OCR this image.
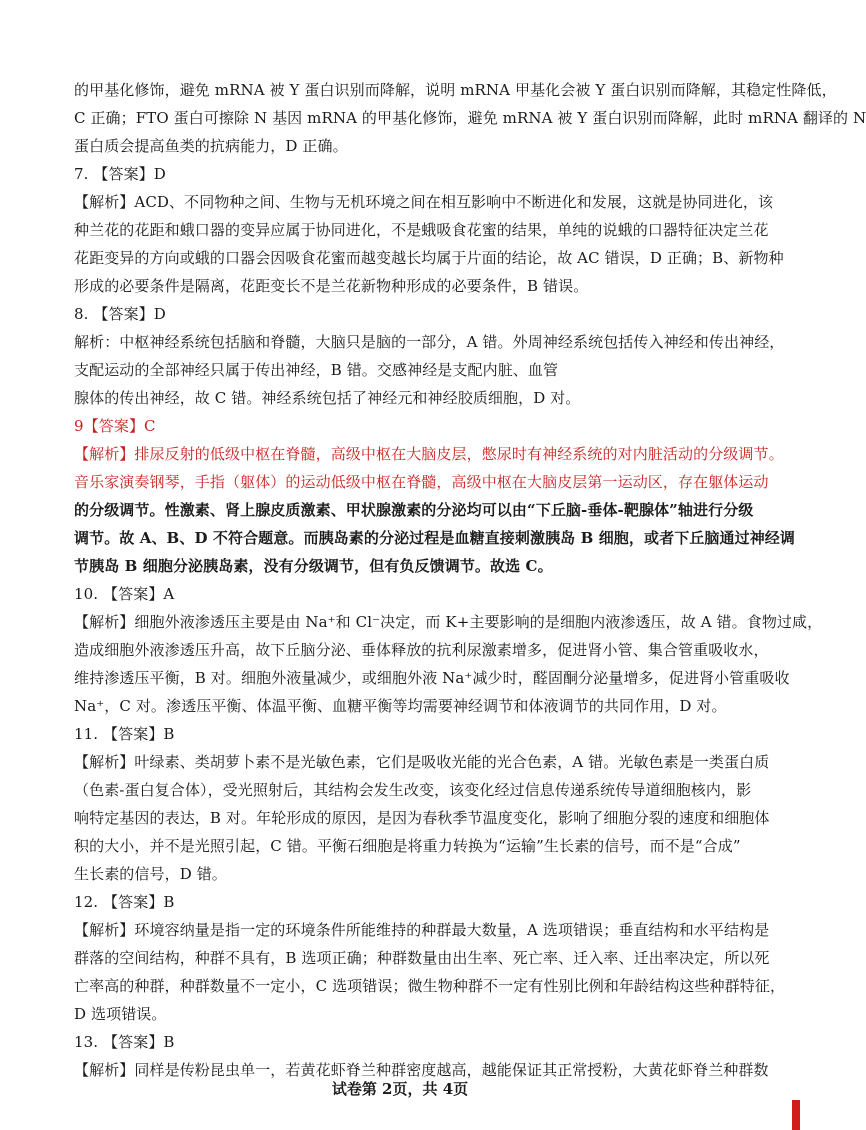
的甲基化修饰，避免 mRNA 被 Y 蛋白识别而降解，说明 mRNA 甲基化会被 Y 蛋白识别而降解，其稳定性降低，
C 正确；FTO 蛋白可擦除 N 基因 mRNA 的甲基化修饰，避免 mRNA 被 Y 蛋白识别而降解，此时 mRNA 翻译的 N
蛋白质会提高鱼类的抗病能力，D 正确。
7. 【答案】D
【解析】ACD、不同物种之间、生物与无机环境之间在相互影响中不断进化和发展，这就是协同进化，该
种兰花的花距和蛾口器的变异应属于协同进化，不是蛾吸食花蜜的结果，单纯的说蛾的口器特征决定兰花
花距变异的方向或蛾的口器会因吸食花蜜而越变越长均属于片面的结论，故 AC 错误，D 正确；B、新物种
形成的必要条件是隔离，花距变长不是兰花新物种形成的必要条件，B 错误。
8. 【答案】D
解析：中枢神经系统包括脑和脊髓，大脑只是脑的一部分，A 错。外周神经系统包括传入神经和传出神经，
支配运动的全部神经只属于传出神经，B 错。交感神经是支配内脏、血管
腺体的传出神经，故 C 错。神经系统包括了神经元和神经胶质细胞，D 对。
9【答案】C
【解析】排尿反射的低级中枢在脊髓，高级中枢在大脑皮层，憋尿时有神经系统的对内脏活动的分级调节。
音乐家演奏钢琴，手指（躯体）的运动低级中枢在脊髓，高级中枢在大脑皮层第一运动区，存在躯体运动
的分级调节。性激素、肾上腺皮质激素、甲状腺激素的分泌均可以由“下丘脑-垂体-靶腺体”轴进行分级
调节。故 A、B、D 不符合题意。而胰岛素的分泌过程是血糖直接刺激胰岛 B 细胞，或者下丘脑通过神经调
节胰岛 B 细胞分泌胰岛素，没有分级调节，但有负反馈调节。故选 C。
10. 【答案】A
【解析】细胞外液渗透压主要是由 Na⁺和 Cl⁻决定，而 K+主要影响的是细胞内液渗透压，故 A 错。食物过咸，
造成细胞外液渗透压升高，故下丘脑分泌、垂体释放的抗利尿激素增多，促进肾小管、集合管重吸收水，
维持渗透压平衡，B 对。细胞外液量减少，或细胞外液 Na⁺减少时，醛固酮分泌量增多，促进肾小管重吸收
Na⁺，C 对。渗透压平衡、体温平衡、血糖平衡等均需要神经调节和体液调节的共同作用，D 对。
11. 【答案】B
【解析】叶绿素、类胡萝卜素不是光敏色素，它们是吸收光能的光合色素，A 错。光敏色素是一类蛋白质
（色素-蛋白复合体），受光照射后，其结构会发生改变，该变化经过信息传递系统传导道细胞核内，影
响特定基因的表达，B 对。年轮形成的原因，是因为春秋季节温度变化，影响了细胞分裂的速度和细胞体
积的大小，并不是光照引起，C 错。平衡石细胞是将重力转换为“运输”生长素的信号，而不是“合成”
生长素的信号，D 错。
12. 【答案】B
【解析】环境容纳量是指一定的环境条件所能维持的种群最大数量，A 选项错误；垂直结构和水平结构是
群落的空间结构，种群不具有，B 选项正确；种群数量由出生率、死亡率、迁入率、迁出率决定，所以死
亡率高的种群，种群数量不一定小，C 选项错误；微生物种群不一定有性别比例和年龄结构这些种群特征，
D 选项错误。
13. 【答案】B
【解析】同样是传粉昆虫单一，若黄花虾脊兰种群密度越高，越能保证其正常授粉，大黄花虾脊兰种群数
试卷第 2页，共 4页
